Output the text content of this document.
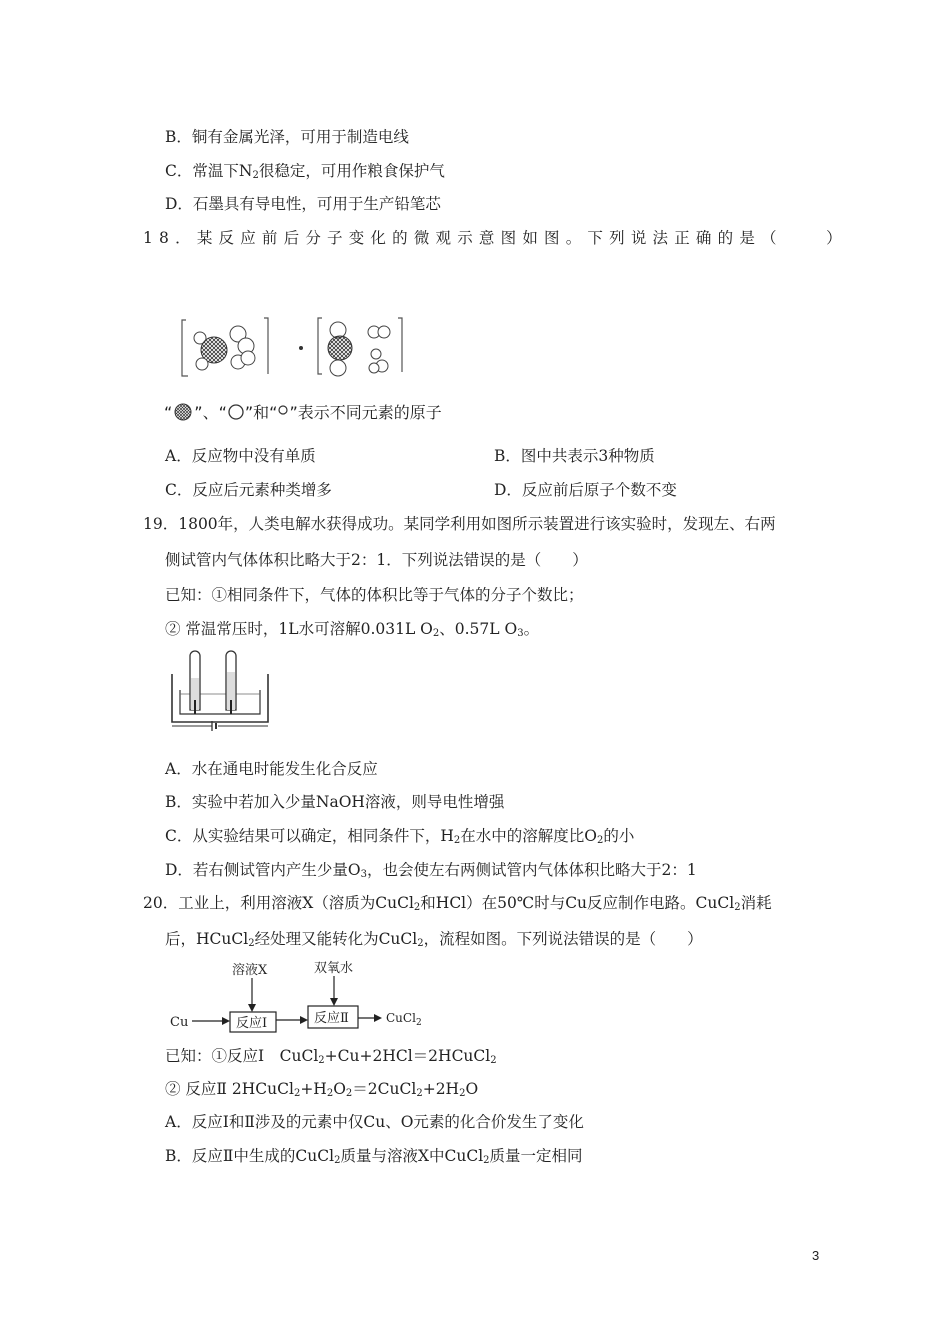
B．铜有金属光泽，可用于制造电线
C．常温下$N_2$很稳定，可用作粮食保护气
D．石墨具有导电性，可用于生产铅笔芯
18．某反应前后分子变化的微观示意图如图。下列说法正确的是（　　）
“ ”、“ ”和“ ”表示不同元素的原子
A．反应物中没有单质	B．图中共表示3种物质
C．反应后元素种类增多	D．反应前后原子个数不变
19．1800年，人类电解水获得成功。某同学利用如图所示装置进行该实验时，发现左、右两
侧试管内气体体积比略大于2：1．下列说法错误的是（　　）
已知：①相同条件下，气体的体积比等于气体的分子个数比；
② 常温常压时，1L水可溶解0.031L $O_2$、0.57L $O_3$。
A．水在通电时能发生化合反应
B．实验中若加入少量NaOH溶液，则导电性增强
C．从实验结果可以确定，相同条件下，$H_2$在水中的溶解度比$O_2$的小
D．若右侧试管内产生少量$O_3$，也会使左右两侧试管内气体体积比略大于2：1
20．工业上，利用溶液X（溶质为CuCl$_2$和HCl）在50℃时与Cu反应制作电路。CuCl$_2$消耗
后，HCuCl$_2$经处理又能转化为CuCl$_2$，流程如图。下列说法错误的是（　　）
溶液X	双氧水
Cu	反应Ⅰ	反应Ⅱ	CuCl$_2$
已知：①反应Ⅰ　CuCl$_2$+Cu+2HCl＝2HCuCl$_2$
② 反应Ⅱ $2HCuCl_2+H_2O_2=2CuCl_2+2H_2O$
A．反应Ⅰ和Ⅱ涉及的元素中仅Cu、O元素的化合价发生了变化
B．反应Ⅱ中生成的CuCl$_2$质量与溶液X中CuCl$_2$质量一定相同
3
